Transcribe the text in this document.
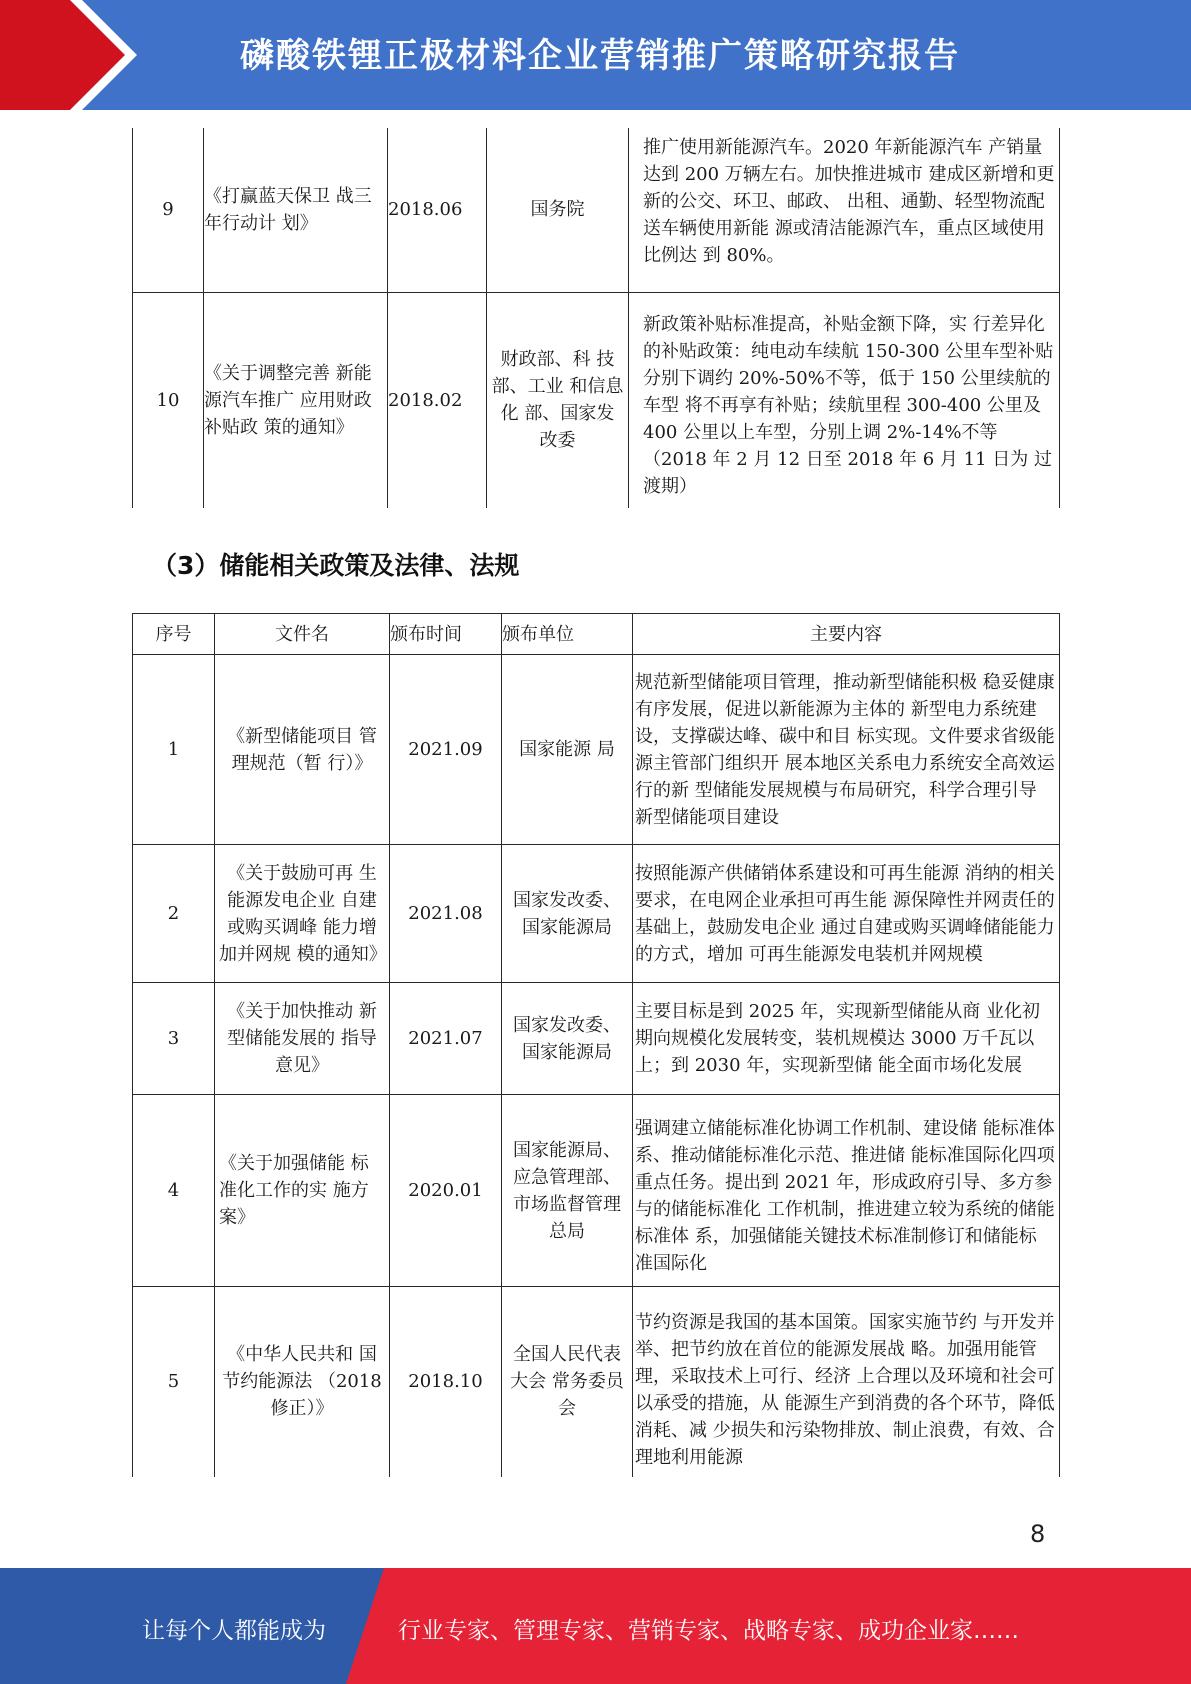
磷酸铁锂正极材料企业营销推广策略研究报告
9	《打赢蓝天保卫 战三年行动计 划》	2018.06	国务院	推广使用新能源汽车。2020 年新能源汽车 产销量达到 200 万辆左右。加快推进城市 建成区新增和更新的公交、环卫、邮政、 出租、通勤、轻型物流配送车辆使用新能 源或清洁能源汽车，重点区域使用比例达 到 80%。
10	《关于调整完善 新能源汽车推广 应用财政补贴政 策的通知》	2018.02	财政部、科 技部、工业 和信息化 部、国家发 改委	新政策补贴标准提高，补贴金额下降，实 行差异化的补贴政策：纯电动车续航 150-300 公里车型补贴分别下调约 20%-50%不等，低于 150 公里续航的车型 将不再享有补贴；续航里程 300-400 公里及 400 公里以上车型，分别上调 2%-14%不等（2018 年 2 月 12 日至 2018 年 6 月 11 日为 过渡期）
（3）储能相关政策及法律、法规
序号	文件名	颁布时间	颁布单位	主要内容
1	《新型储能项目 管理规范（暂 行）》	2021.09	国家能源 局	规范新型储能项目管理，推动新型储能积极 稳妥健康有序发展，促进以新能源为主体的 新型电力系统建设，支撑碳达峰、碳中和目 标实现。文件要求省级能源主管部门组织开 展本地区关系电力系统安全高效运行的新 型储能发展规模与布局研究，科学合理引导 新型储能项目建设
2	《关于鼓励可再 生能源发电企业 自建或购买调峰 能力增加并网规 模的通知》	2021.08	国家发改委、国家能源局	按照能源产供储销体系建设和可再生能源 消纳的相关要求，在电网企业承担可再生能 源保障性并网责任的基础上，鼓励发电企业 通过自建或购买调峰储能能力的方式，增加 可再生能源发电装机并网规模
3	《关于加快推动 新型储能发展的 指导意见》	2021.07	国家发改委、国家能源局	主要目标是到 2025 年，实现新型储能从商 业化初期向规模化发展转变，装机规模达 3000 万千瓦以上；到 2030 年，实现新型储 能全面市场化发展
4	《关于加强储能 标准化工作的实 施方案》	2020.01	国家能源局、应急管理部、市场监督管理 总局	强调建立储能标准化协调工作机制、建设储 能标准体系、推动储能标准化示范、推进储 能标准国际化四项重点任务。提出到 2021 年，形成政府引导、多方参与的储能标准化 工作机制，推进建立较为系统的储能标准体 系，加强储能关键技术标准制修订和储能标 准国际化
5	《中华人民共和 国节约能源法 （2018 修正）》	2018.10	全国人民代表大会 常务委员 会	节约资源是我国的基本国策。国家实施节约 与开发并举、把节约放在首位的能源发展战 略。加强用能管理，采取技术上可行、经济 上合理以及环境和社会可以承受的措施，从 能源生产到消费的各个环节，降低消耗、减 少损失和污染物排放、制止浪费，有效、合 理地利用能源
8
让每个人都能成为	行业专家、管理专家、营销专家、战略专家、成功企业家……
